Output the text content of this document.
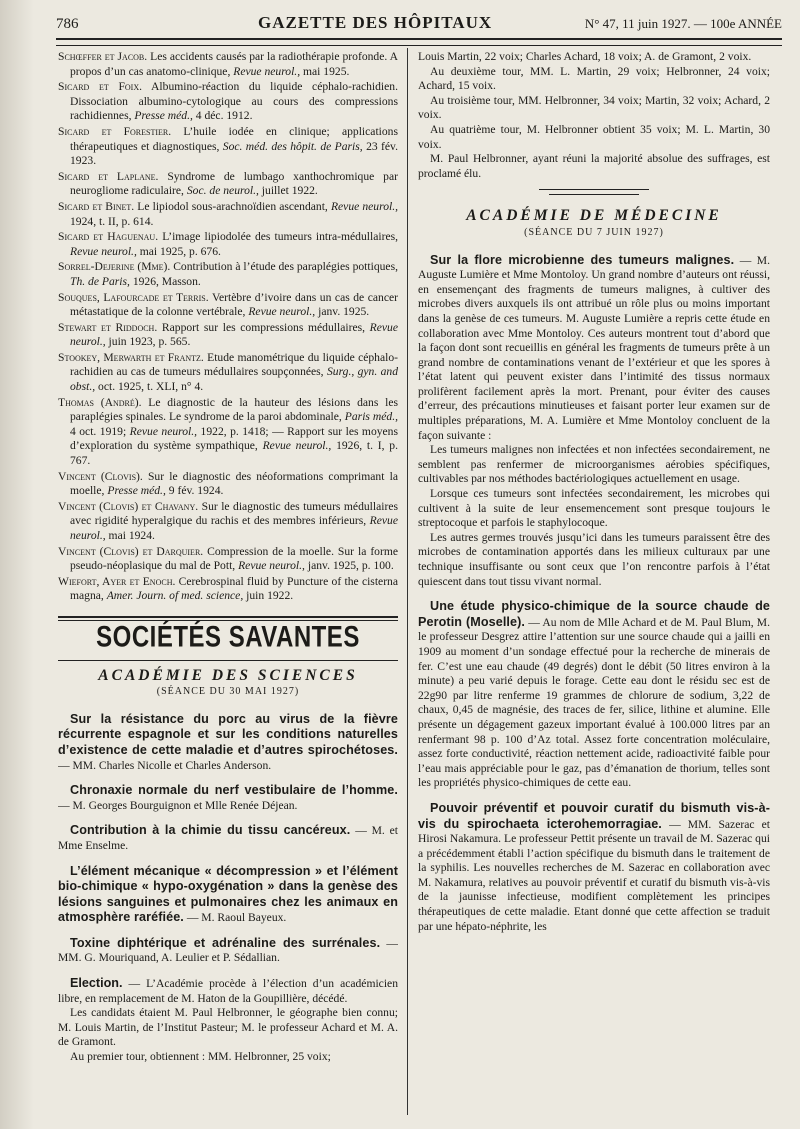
786	GAZETTE DES HÔPITAUX	N° 47, 11 juin 1927. — 100e ANNÉE

Schœffer et Jacob. Les accidents causés par la radiothérapie profonde. A propos d’un cas anatomo-clinique, Revue neurol., mai 1925.

Sicard et Foix. Albumino-réaction du liquide céphalo-rachidien. Dissociation albumino-cytologique au cours des compressions rachidiennes, Presse méd., 4 déc. 1912.

Sicard et Forestier. L’huile iodée en clinique; applications thérapeutiques et diagnostiques, Soc. méd. des hôpit. de Paris, 23 fév. 1923.

Sicard et Laplane. Syndrome de lumbago xanthochromique par neurogliome radiculaire, Soc. de neurol., juillet 1922.

Sicard et Binet. Le lipiodol sous-arachnoïdien ascendant, Revue neurol., 1924, t. II, p. 614.

Sicard et Haguenau. L’image lipiodolée des tumeurs intra-médullaires, Revue neurol., mai 1925, p. 676.

Sorrel-Dejerine (Mme). Contribution à l’étude des paraplégies pottiques, Th. de Paris, 1926, Masson.

Souques, Lafourcade et Terris. Vertèbre d’ivoire dans un cas de cancer métastatique de la colonne vertébrale, Revue neurol., janv. 1925.

Stewart et Riddoch. Rapport sur les compressions médullaires, Revue neurol., juin 1923, p. 565.

Stookey, Merwarth et Frantz. Etude manométrique du liquide céphalo-rachidien au cas de tumeurs médullaires soupçonnées, Surg., gyn. and obst., oct. 1925, t. XLI, n° 4.

Thomas (André). Le diagnostic de la hauteur des lésions dans les paraplégies spinales. Le syndrome de la paroi abdominale, Paris méd., 4 oct. 1919; Revue neurol., 1922, p. 1418; — Rapport sur les moyens d’exploration du système sympathique, Revue neurol., 1926, t. I, p. 767.

Vincent (Clovis). Sur le diagnostic des néoformations comprimant la moelle, Presse méd., 9 fév. 1924.

Vincent (Clovis) et Chavany. Sur le diagnostic des tumeurs médullaires avec rigidité hyperalgique du rachis et des membres inférieurs, Revue neurol., mai 1924.

Vincent (Clovis) et Darquier. Compression de la moelle. Sur la forme pseudo-néoplasique du mal de Pott, Revue neurol., janv. 1925, p. 100.

Wiefort, Ayer et Enoch. Cerebrospinal fluid by Puncture of the cisterna magna, Amer. Journ. of med. science, juin 1922.

SOCIÉTÉS SAVANTES
ACADÉMIE DES SCIENCES
(SÉANCE DU 30 MAI 1927)

Sur la résistance du porc au virus de la fièvre récurrente espagnole et sur les conditions naturelles d’existence de cette maladie et d’autres spirochétoses. — MM. Charles Nicolle et Charles Anderson.

Chronaxie normale du nerf vestibulaire de l’homme. — M. Georges Bourguignon et Mlle Renée Déjean.

Contribution à la chimie du tissu cancéreux. — M. et Mme Enselme.

L’élément mécanique « décompression » et l’élément bio-chimique « hypo-oxygénation » dans la genèse des lésions sanguines et pulmonaires chez les animaux en atmosphère raréfiée. — M. Raoul Bayeux.

Toxine diphtérique et adrénaline des surrénales. — MM. G. Mouriquand, A. Leulier et P. Sédallian.

Election. — L’Académie procède à l’élection d’un académicien libre, en remplacement de M. Haton de la Goupillière, décédé.

Les candidats étaient M. Paul Helbronner, le géographe bien connu; M. Louis Martin, de l’Institut Pasteur; M. le professeur Achard et M. A. de Gramont.

Au premier tour, obtiennent : MM. Helbronner, 25 voix;

Louis Martin, 22 voix; Charles Achard, 18 voix; A. de Gramont, 2 voix.

Au deuxième tour, MM. L. Martin, 29 voix; Helbronner, 24 voix; Achard, 15 voix.

Au troisième tour, MM. Helbronner, 34 voix; Martin, 32 voix; Achard, 2 voix.

Au quatrième tour, M. Helbronner obtient 35 voix; M. L. Martin, 30 voix.

M. Paul Helbronner, ayant réuni la majorité absolue des suffrages, est proclamé élu.

ACADÉMIE DE MÉDECINE
(SÉANCE DU 7 JUIN 1927)

Sur la flore microbienne des tumeurs malignes. — M. Auguste Lumière et Mme Montoloy. Un grand nombre d’auteurs ont réussi, en ensemençant des fragments de tumeurs malignes, à cultiver des microbes divers auxquels ils ont attribué un rôle plus ou moins important dans la genèse de ces tumeurs. M. Auguste Lumière a repris cette étude en collaboration avec Mme Montoloy. Ces auteurs montrent tout d’abord que la façon dont sont recueillis en général les fragments de tumeurs prête à un grand nombre de contaminations venant de l’extérieur et que les spores à l’état latent qui peuvent exister dans l’intimité des tissus normaux prolifèrent facilement après la mort. Prenant, pour éviter des causes d’erreur, des précautions minutieuses et faisant porter leur examen sur de multiples préparations, M. A. Lumière et Mme Montoloy concluent de la façon suivante :

Les tumeurs malignes non infectées et non infectées secondairement, ne semblent pas renfermer de microorganismes aérobies spécifiques, cultivables par nos méthodes bactériologiques actuellement en usage.

Lorsque ces tumeurs sont infectées secondairement, les microbes qui cultivent à la suite de leur ensemencement sont presque toujours le streptocoque et parfois le staphylocoque.

Les autres germes trouvés jusqu’ici dans les tumeurs paraissent être des microbes de contamination apportés dans les milieux culturaux par une technique insuffisante ou sont ceux que l’on rencontre parfois à l’état quiescent dans tout tissu vivant normal.

Une étude physico-chimique de la source chaude de Perotin (Moselle). — Au nom de Mlle Achard et de M. Paul Blum, M. le professeur Desgrez attire l’attention sur une source chaude qui a jailli en 1909 au moment d’un sondage effectué pour la recherche de minerais de fer. C’est une eau chaude (49 degrés) dont le débit (50 litres environ à la minute) a peu varié depuis le forage. Cette eau dont le résidu sec est de 22g90 par litre renferme 19 grammes de chlorure de sodium, 3,22 de chaux, 0,45 de magnésie, des traces de fer, silice, lithine et alumine. Elle présente un dégagement gazeux important évalué à 100.000 litres par an renfermant 98 p. 100 d’Az total. Assez forte concentration moléculaire, assez forte conductivité, réaction nettement acide, radioactivité faible pour l’eau mais appréciable pour le gaz, pas d’émanation de thorium, telles sont les propriétés physico-chimiques de cette eau.

Pouvoir préventif et pouvoir curatif du bismuth vis-à-vis du spirochaeta icterohemorragiae. — MM. Sazerac et Hirosi Nakamura. Le professeur Pettit présente un travail de M. Sazerac qui a précédemment établi l’action spécifique du bismuth dans le traitement de la syphilis. Les nouvelles recherches de M. Sazerac en collaboration avec M. Nakamura, relatives au pouvoir préventif et curatif du bismuth vis-à-vis de la jaunisse infectieuse, modifient complètement les principes thérapeutiques de cette maladie. Etant donné que cette affection se traduit par une hépato-néphrite, les
